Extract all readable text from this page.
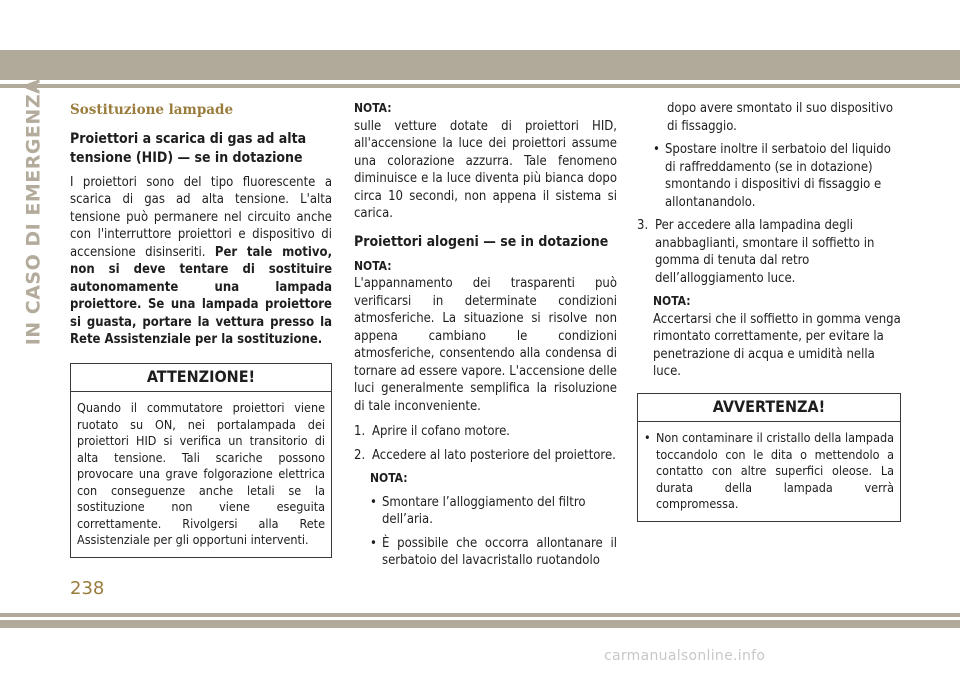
IN CASO DI EMERGENZA Sostituzione lampade
Proiettori a scarica di gas ad alta tensione (HID) — se in dotazione

I proiettori sono del tipo fluorescente a scarica di gas ad alta tensione. L'alta tensione può permanere nel circuito anche con l'interruttore proiettori e dispositivo di accensione disinseriti. Per tale motivo, non si deve tentare di sostituire autonomamente una lampada proiettore. Se una lampada proiettore si guasta, portare la vettura presso la Rete Assistenziale per la sostituzione.

ATTENZIONE!
Quando il commutatore proiettori viene ruotato su ON, nei portalampada dei proiettori HID si verifica un transitorio di alta tensione. Tali scariche possono provocare una grave folgorazione elettrica con conseguenze anche letali se la sostituzione non viene eseguita correttamente. Rivolgersi alla Rete Assistenziale per gli opportuni interventi.
NOTA:

sulle vetture dotate di proiettori HID, all'accensione la luce dei proiettori assume una colorazione azzurra. Tale fenomeno diminuisce e la luce diventa più bianca dopo circa 10 secondi, non appena il sistema si carica.

Proiettori alogeni — se in dotazione
NOTA:

L'appannamento dei trasparenti può verificarsi in determinate condizioni atmosferiche. La situazione si risolve non appena cambiano le condizioni atmosferiche, consentendo alla condensa di tornare ad essere vapore. L'accensione delle luci generalmente semplifica la risoluzione di tale inconveniente.

1. Aprire il cofano motore.
2. Accedere al lato posteriore del proiettore.
NOTA:
• Smontare l’alloggiamento del filtro dell’aria.
• È possibile che occorra allontanare il serbatoio del lavacristallo ruotandolo
dopo avere smontato il suo dispositivo di fissaggio.
• Spostare inoltre il serbatoio del liquido di raffreddamento (se in dotazione) smontando i dispositivi di fissaggio e allontanandolo.
3. Per accedere alla lampadina degli anabbaglianti, smontare il soffietto in gomma di tenuta dal retro dell’alloggiamento luce.
NOTA:

Accertarsi che il soffietto in gomma venga rimontato correttamente, per evitare la penetrazione di acqua e umidità nella luce.

AVVERTENZA!
• Non contaminare il cristallo della lampada toccandolo con le dita o mettendolo a contatto con altre superfici oleose. La durata della lampada verrà compromessa.
238
carmanualsonline.info
